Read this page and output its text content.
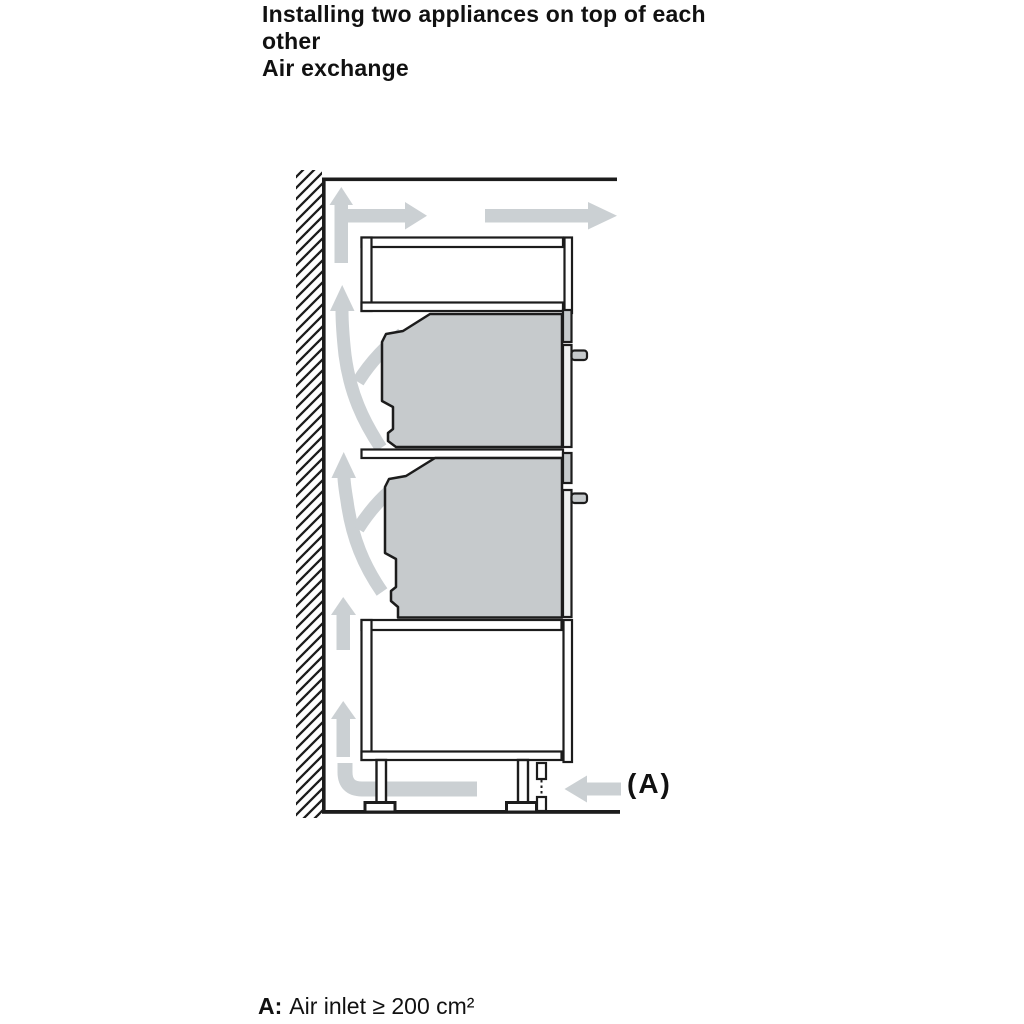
Installing two appliances on top of each
other
Air exchange
(A)
A: Air inlet ≥ 200 cm²
